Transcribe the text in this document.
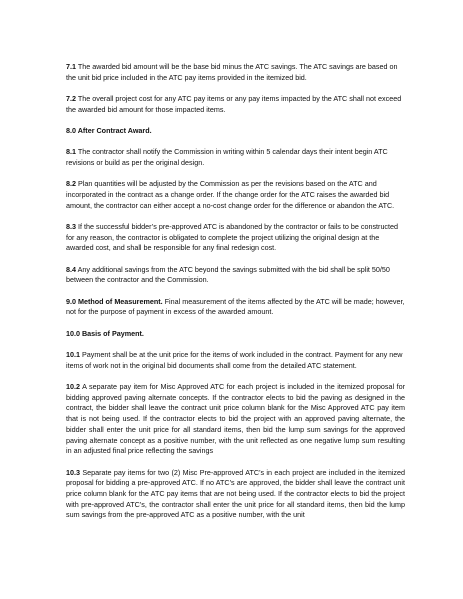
7.1 The awarded bid amount will be the base bid minus the ATC savings. The ATC savings are based on the unit bid price included in the ATC pay items provided in the itemized bid.

7.2 The overall project cost for any ATC pay items or any pay items impacted by the ATC shall not exceed the awarded bid amount for those impacted items.

8.0 After Contract Award.

8.1 The contractor shall notify the Commission in writing within 5 calendar days their intent begin ATC revisions or build as per the original design.

8.2 Plan quantities will be adjusted by the Commission as per the revisions based on the ATC and incorporated in the contract as a change order. If the change order for the ATC raises the awarded bid amount, the contractor can either accept a no-cost change order for the difference or abandon the ATC.

8.3 If the successful bidder’s pre-approved ATC is abandoned by the contractor or fails to be constructed for any reason, the contractor is obligated to complete the project utilizing the original design at the awarded cost, and shall be responsible for any final redesign cost.

8.4 Any additional savings from the ATC beyond the savings submitted with the bid shall be split 50/50 between the contractor and the Commission.

9.0 Method of Measurement. Final measurement of the items affected by the ATC will be made; however, not for the purpose of payment in excess of the awarded amount.

10.0 Basis of Payment.

10.1 Payment shall be at the unit price for the items of work included in the contract. Payment for any new items of work not in the original bid documents shall come from the detailed ATC statement.

10.2 A separate pay item for Misc Approved ATC for each project is included in the itemized proposal for bidding approved paving alternate concepts. If the contractor elects to bid the paving as designed in the contract, the bidder shall leave the contract unit price column blank for the Misc Approved ATC pay item that is not being used. If the contractor elects to bid the project with an approved paving alternate, the bidder shall enter the unit price for all standard items, then bid the lump sum savings for the approved paving alternate concept as a positive number, with the unit reflected as one negative lump sum resulting in an adjusted final price reflecting the savings

10.3 Separate pay items for two (2) Misc Pre-approved ATC’s in each project are included in the itemized proposal for bidding a pre-approved ATC. If no ATC’s are approved, the bidder shall leave the contract unit price column blank for the ATC pay items that are not being used. If the contractor elects to bid the project with pre-approved ATC’s, the contractor shall enter the unit price for all standard items, then bid the lump sum savings from the pre-approved ATC as a positive number, with the unit
